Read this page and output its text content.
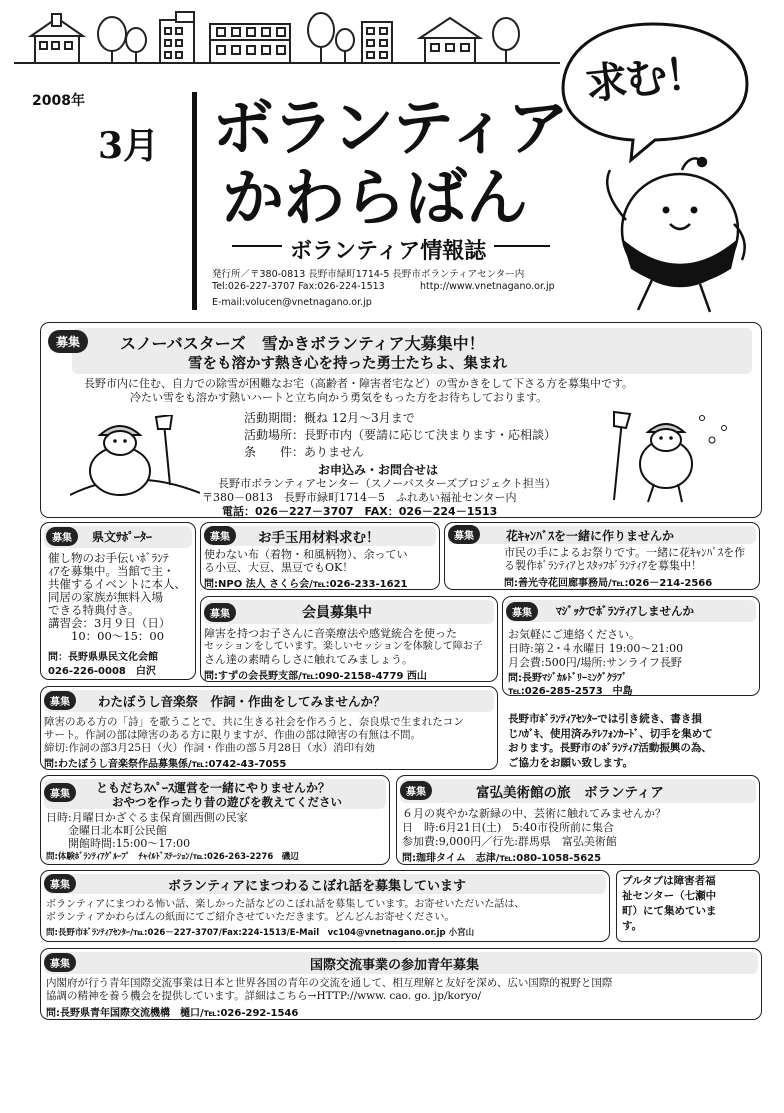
2008年
3月 ボランティア
かわらばん
ボランティア情報誌
発行所／〒380-0813 長野市緑町1714-5 長野市ボランティアセンター内
Tel:026-227-3707 Fax:026-224-1513	http://www.vnetnagano.or.jp
E-mail:volucen@vnetnagano.or.jp
求む！
募集	スノーバスターズ　雪かきボランティア大募集中！
雪をも溶かす熱き心を持った勇士たちよ、集まれ
長野市内に住む、自力での除雪が困難なお宅（高齢者・障害者宅など）の雪かきをして下さる方を募集中です。
冷たい雪をも溶かす熱いハートと立ち向かう勇気をもった方をお待ちしております。
活動期間：概ね 12月～3月まで
活動場所：長野市内（要請に応じて決まります・応相談）
条　　件：ありません
お申込み・お問合せは
長野市ボランティアセンター（スノーバスターズプロジェクト担当）
〒380－0813　長野市緑町1714－5　ふれあい福祉センター内
電話：026－227－3707　FAX：026－224－1513
募集	県文ｻﾎﾟｰﾀｰ
催し物のお手伝いﾎﾞﾗﾝﾃ
ｨｱを募集中。当館で主・
共催するイベントに本人、
同居の家族が無料入場
できる特典付き。
講習会：3月９日（日）
　　10：00～15：00
問：長野県県民文化会館
026-226-0008　白沢
募集	お手玉用材料求む！
使わない布（着物・和風柄物）、余ってい
る小豆、大豆、黒豆でもOK！
問:NPO 法人 さくら会/℡:026-233-1621
募集	花ｷｬﾝﾊﾞｽを一緒に作りませんか
市民の手によるお祭りです。一緒に花ｷｬﾝﾊﾞｽを作
る製作ﾎﾞﾗﾝﾃｨｱとｽﾀｯﾌﾎﾞﾗﾝﾃｨｱを募集中！
問:善光寺花回廊事務局/℡:026－214-2566
募集	会員募集中
障害を持つお子さんに音楽療法や感覚統合を使った
セッションをしています。楽しいセッションを体験して障お子
さん達の素晴らしさに触れてみましょう。
問:すずの会長野支部/℡:090-2158-4779 西山
募集	ﾏｼﾞｯｸでﾎﾞﾗﾝﾃｨｱしませんか
お気軽にご連絡ください。
日時:第２･４水曜日 19:00～21:00
月会費:500円/場所:サンライフ長野
問:長野ﾏｼﾞｶﾙﾄﾞﾘｰﾐﾝｸﾞｸﾗﾌﾞ
℡:026-285-2573　中島
募集	わたぼうし音楽祭　作詞・作曲をしてみませんか？
障害のある方の「詩」を歌うことで、共に生きる社会を作ろうと、奈良県で生まれたコン
サート。作詞の部は障害のある方に限りますが、作曲の部は障害の有無は不問。
締切:作詞の部3月25日（火）作詞・作曲の部５月28日（水）消印有効
問:わたぼうし音楽祭作品募集係/℡:0742-43-7055
長野市ﾎﾞﾗﾝﾃｨｱｾﾝﾀｰでは引き続き、書き損
じﾊｶﾞｷ、使用済みﾃﾚﾌｫﾝｶｰﾄﾞ、切手を集めて
おります。長野市のﾎﾞﾗﾝﾃｨｱ活動振興の為、
ご協力をお願い致します。
募集	ともだちｽﾍﾟｰｽ運営を一緒にやりませんか？
おやつを作ったり昔の遊びを教えてください
日時:月曜日かざぐるま保育園西側の民家
　　金曜日北本町公民館
　　開館時間:15:00～17:00
問:体験ﾎﾞﾗﾝﾃｨｱｸﾞﾙｰﾌﾟ　ﾁｬｲﾙﾄﾞｽﾃｰｼｮﾝ/℡:026-263-2276　磯辺
募集	富弘美術館の旅　ボランティア
６月の爽やかな新緑の中、芸術に触れてみませんか？
日　時:6月21日(土)　5:40市役所前に集合
参加費:9,000円／行先:群馬県　富弘美術館
問:珈琲タイム　志津/℡:080-1058-5625
募集	ボランティアにまつわるこぼれ話を募集しています
ボランティアにまつわる怖い話、楽しかった話などのこぼれ話を募集しています。お寄せいただいた話は、
ボランティアかわらばんの紙面にてご紹介させていただきます。どんどんお寄せください。
問:長野市ﾎﾞﾗﾝﾃｨｱｾﾝﾀｰ/℡:026－227-3707/Fax:224-1513/E-Mail　vc104@vnetnagano.or.jp 小宮山
プルタブは障害者福
祉センター（七瀬中
町）にて集めていま
す。
募集	国際交流事業の参加青年募集
内閣府が行う青年国際交流事業は日本と世界各国の青年の交流を通して、相互理解と友好を深め、広い国際的視野と国際
協調の精神を養う機会を提供しています。詳細はこちら→HTTP://www. cao. go. jp/koryo/
問:長野県青年国際交流機構　樋口/℡:026-292-1546
